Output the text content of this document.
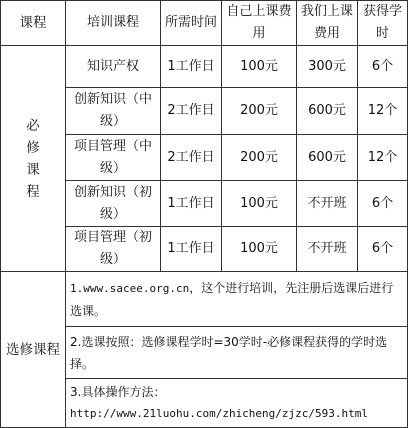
课程	培训课程	所需时间	自己上课费用	我们上课费用	获得学时

必修课程	知识产权	1工作日	100元	300元	6个
	创新知识（中级）	2工作日	200元	600元	12个
	项目管理（中级）	2工作日	200元	600元	12个
	创新知识（初级）	1工作日	100元	不开班	6个
	项目管理（初级）	1工作日	100元	不开班	6个
选修课程	1.www.sacee.org.cn，这个进行培训，先注册后选课后进行选课。				
	2.选课按照：选修课程学时=30学时-必修课程获得的学时选择。				

	3.具体操作方法：
http://www.21luohu.com/zhicheng/zjzc/593.html				
